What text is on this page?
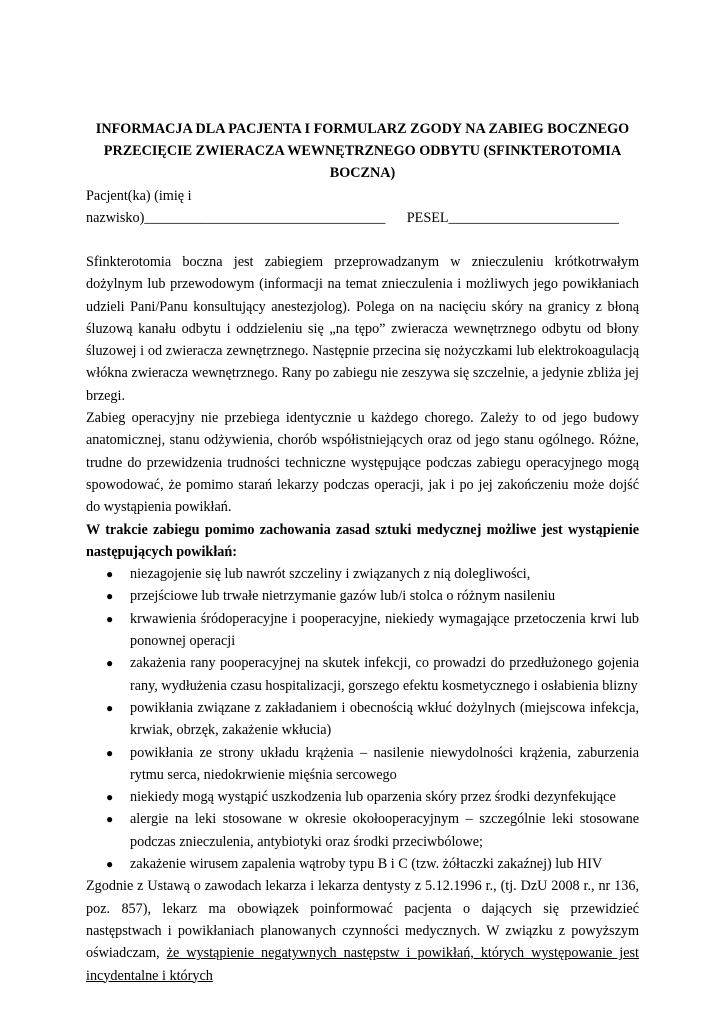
INFORMACJA DLA PACJENTA I FORMULARZ ZGODY NA ZABIEG BOCZNEGO
PRZECIĘCIE ZWIERACZA WEWNĘTRZNEGO ODBYTU (SFINKTEROTOMIA
BOCZNA)
Pacjent(ka) (imię i
nazwisko)__________________________________ PESEL________________________

Sfinkterotomia boczna jest zabiegiem przeprowadzanym w znieczuleniu krótkotrwałym dożylnym lub przewodowym (informacji na temat znieczulenia i możliwych jego powikłaniach udzieli Pani/Panu konsultujący anestezjolog). Polega on na nacięciu skóry na granicy z błoną śluzową kanału odbytu i oddzieleniu się „na tępo” zwieracza wewnętrznego odbytu od błony śluzowej i od zwieracza zewnętrznego. Następnie przecina się nożyczkami lub elektrokoagulacją włókna zwieracza wewnętrznego. Rany po zabiegu nie zeszywa się szczelnie, a jedynie zbliża jej brzegi.

Zabieg operacyjny nie przebiega identycznie u każdego chorego. Zależy to od jego budowy anatomicznej, stanu odżywienia, chorób współistniejących oraz od jego stanu ogólnego. Różne, trudne do przewidzenia trudności techniczne występujące podczas zabiegu operacyjnego mogą spowodować, że pomimo starań lekarzy podczas operacji, jak i po jej zakończeniu może dojść do wystąpienia powikłań.

W trakcie zabiegu pomimo zachowania zasad sztuki medycznej możliwe jest wystąpienie następujących powikłań:

● niezagojenie się lub nawrót szczeliny i związanych z nią dolegliwości,
● przejściowe lub trwałe nietrzymanie gazów lub/i stolca o różnym nasileniu
● krwawienia śródoperacyjne i pooperacyjne, niekiedy wymagające przetoczenia krwi lub ponownej operacji
● zakażenia rany pooperacyjnej na skutek infekcji, co prowadzi do przedłużonego gojenia rany, wydłużenia czasu hospitalizacji, gorszego efektu kosmetycznego i osłabienia blizny
● powikłania związane z zakładaniem i obecnością wkłuć dożylnych (miejscowa infekcja, krwiak, obrzęk, zakażenie wkłucia)
● powikłania ze strony układu krążenia – nasilenie niewydolności krążenia, zaburzenia rytmu serca, niedokrwienie mięśnia sercowego
● niekiedy mogą wystąpić uszkodzenia lub oparzenia skóry przez środki dezynfekujące
● alergie na leki stosowane w okresie okołooperacyjnym – szczególnie leki stosowane podczas znieczulenia, antybiotyki oraz środki przeciwbólowe;
● zakażenie wirusem zapalenia wątroby typu B i C (tzw. żółtaczki zakaźnej) lub HIV

Zgodnie z Ustawą o zawodach lekarza i lekarza dentysty z 5.12.1996 r., (tj. DzU 2008 r., nr 136, poz. 857), lekarz ma obowiązek poinformować pacjenta o dających się przewidzieć następstwach i powikłaniach planowanych czynności medycznych. W związku z powyższym oświadczam, że wystąpienie negatywnych następstw i powikłań, których występowanie jest incydentalne i których
